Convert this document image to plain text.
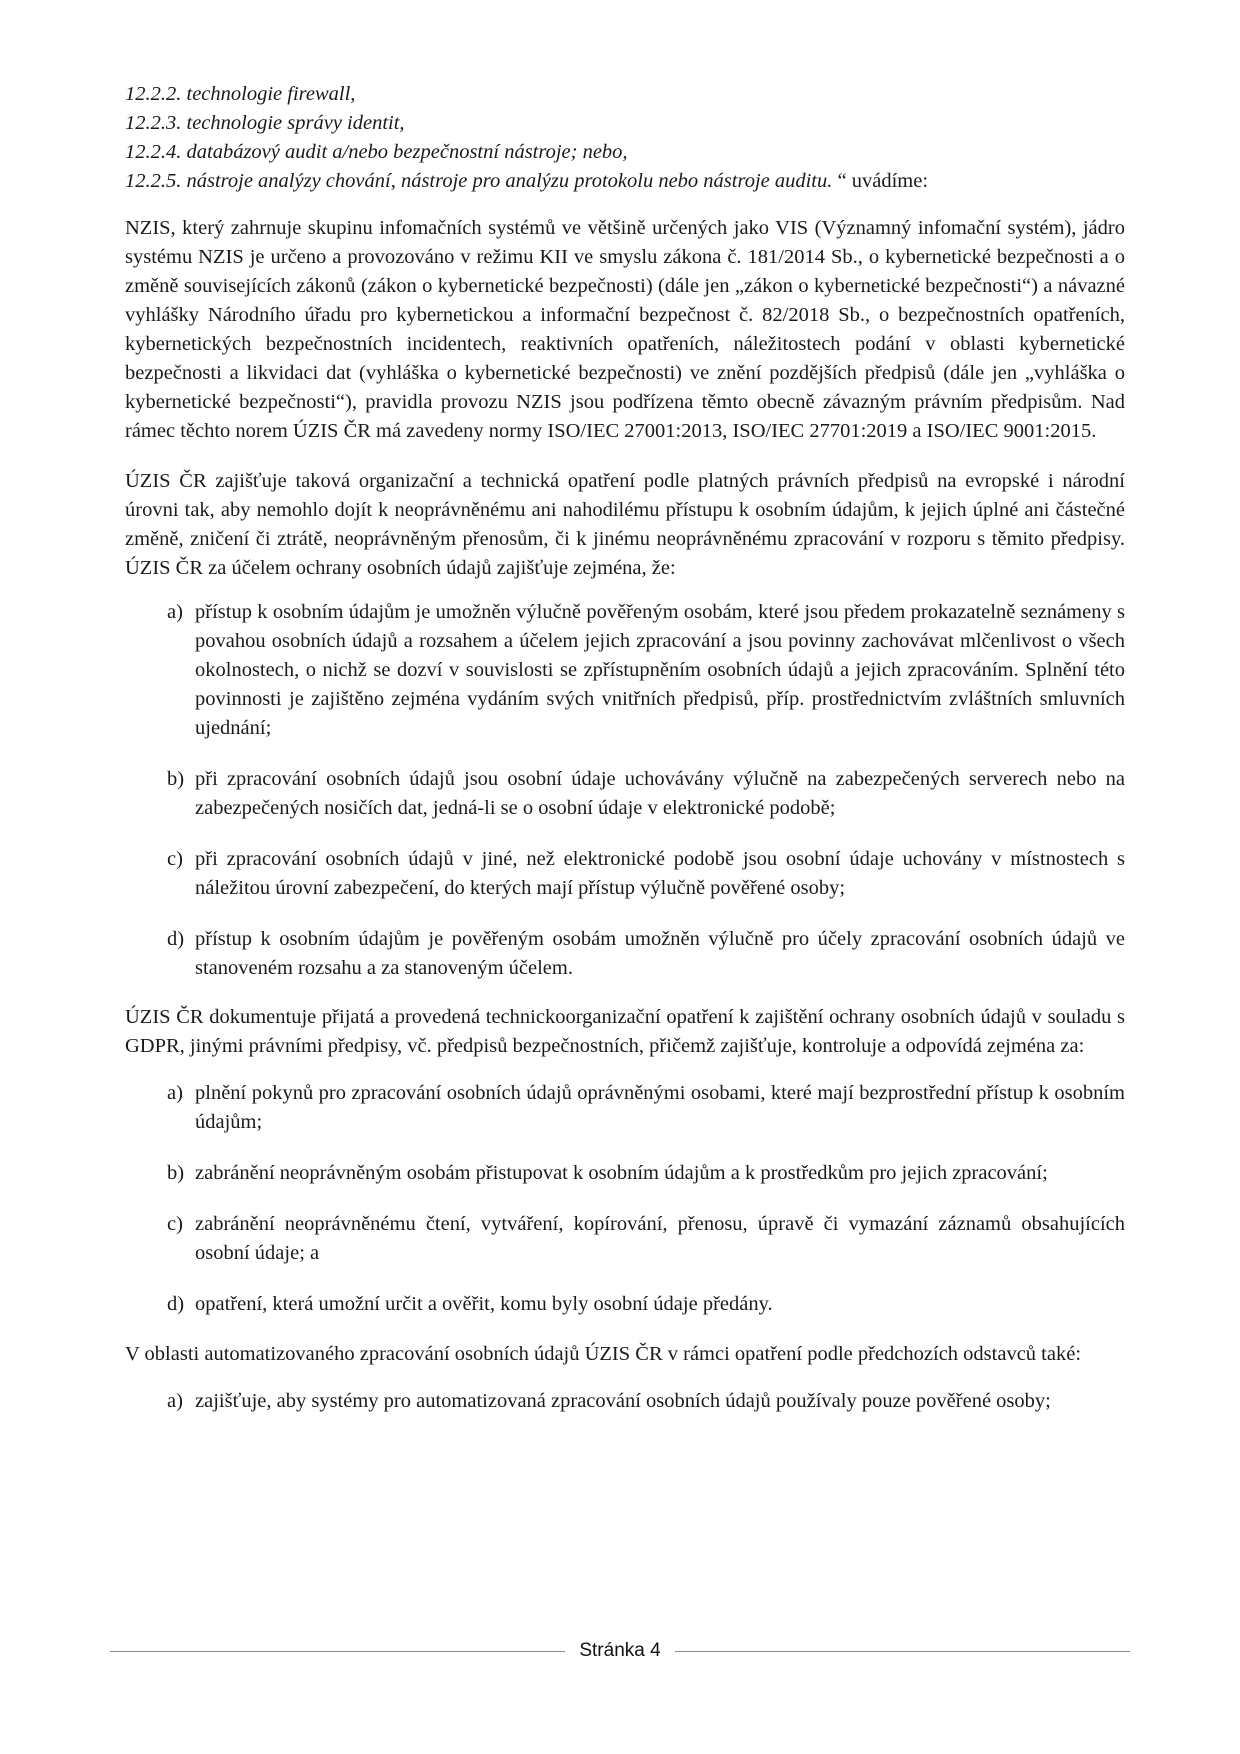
12.2.2. technologie firewall,
12.2.3. technologie správy identit,
12.2.4. databázový audit a/nebo bezpečnostní nástroje; nebo,
12.2.5. nástroje analýzy chování, nástroje pro analýzu protokolu nebo nástroje auditu. “ uvádíme:

NZIS, který zahrnuje skupinu infomačních systémů ve většině určených jako VIS (Významný infomační systém), jádro systému NZIS je určeno a provozováno v režimu KII ve smyslu zákona č. 181/2014 Sb., o kybernetické bezpečnosti a o změně souvisejících zákonů (zákon o kybernetické bezpečnosti) (dále jen „zákon o kybernetické bezpečnosti“) a návazné vyhlášky Národního úřadu pro kybernetickou a informační bezpečnost č. 82/2018 Sb., o bezpečnostních opatřeních, kybernetických bezpečnostních incidentech, reaktivních opatřeních, náležitostech podání v oblasti kybernetické bezpečnosti a likvidaci dat (vyhláška o kybernetické bezpečnosti) ve znění pozdějších předpisů (dále jen „vyhláška o kybernetické bezpečnosti“), pravidla provozu NZIS jsou podřízena těmto obecně závazným právním předpisům. Nad rámec těchto norem ÚZIS ČR má zavedeny normy ISO/IEC 27001:2013, ISO/IEC 27701:2019 a ISO/IEC 9001:2015.

ÚZIS ČR zajišťuje taková organizační a technická opatření podle platných právních předpisů na evropské i národní úrovni tak, aby nemohlo dojít k neoprávněnému ani nahodilému přístupu k osobním údajům, k jejich úplné ani částečné změně, zničení či ztrátě, neoprávněným přenosům, či k jinému neoprávněnému zpracování v rozporu s těmito předpisy. ÚZIS ČR za účelem ochrany osobních údajů zajišťuje zejména, že:

a) přístup k osobním údajům je umožněn výlučně pověřeným osobám, které jsou předem prokazatelně seznámeny s povahou osobních údajů a rozsahem a účelem jejich zpracování a jsou povinny zachovávat mlčenlivost o všech okolnostech, o nichž se dozví v souvislosti se zpřístupněním osobních údajů a jejich zpracováním. Splnění této povinnosti je zajištěno zejména vydáním svých vnitřních předpisů, příp. prostřednictvím zvláštních smluvních ujednání;
b) při zpracování osobních údajů jsou osobní údaje uchovávány výlučně na zabezpečených serverech nebo na zabezpečených nosičích dat, jedná-li se o osobní údaje v elektronické podobě;
c) při zpracování osobních údajů v jiné, než elektronické podobě jsou osobní údaje uchovány v místnostech s náležitou úrovní zabezpečení, do kterých mají přístup výlučně pověřené osoby;
d) přístup k osobním údajům je pověřeným osobám umožněn výlučně pro účely zpracování osobních údajů ve stanoveném rozsahu a za stanoveným účelem.

ÚZIS ČR dokumentuje přijatá a provedená technickoorganizační opatření k zajištění ochrany osobních údajů v souladu s GDPR, jinými právními předpisy, vč. předpisů bezpečnostních, přičemž zajišťuje, kontroluje a odpovídá zejména za:

a) plnění pokynů pro zpracování osobních údajů oprávněnými osobami, které mají bezprostřední přístup k osobním údajům;
b) zabránění neoprávněným osobám přistupovat k osobním údajům a k prostředkům pro jejich zpracování;
c) zabránění neoprávněnému čtení, vytváření, kopírování, přenosu, úpravě či vymazání záznamů obsahujících osobní údaje; a
d) opatření, která umožní určit a ověřit, komu byly osobní údaje předány.

V oblasti automatizovaného zpracování osobních údajů ÚZIS ČR v rámci opatření podle předchozích odstavců také:

a) zajišťuje, aby systémy pro automatizovaná zpracování osobních údajů používaly pouze pověřené osoby;
Stránka 4
